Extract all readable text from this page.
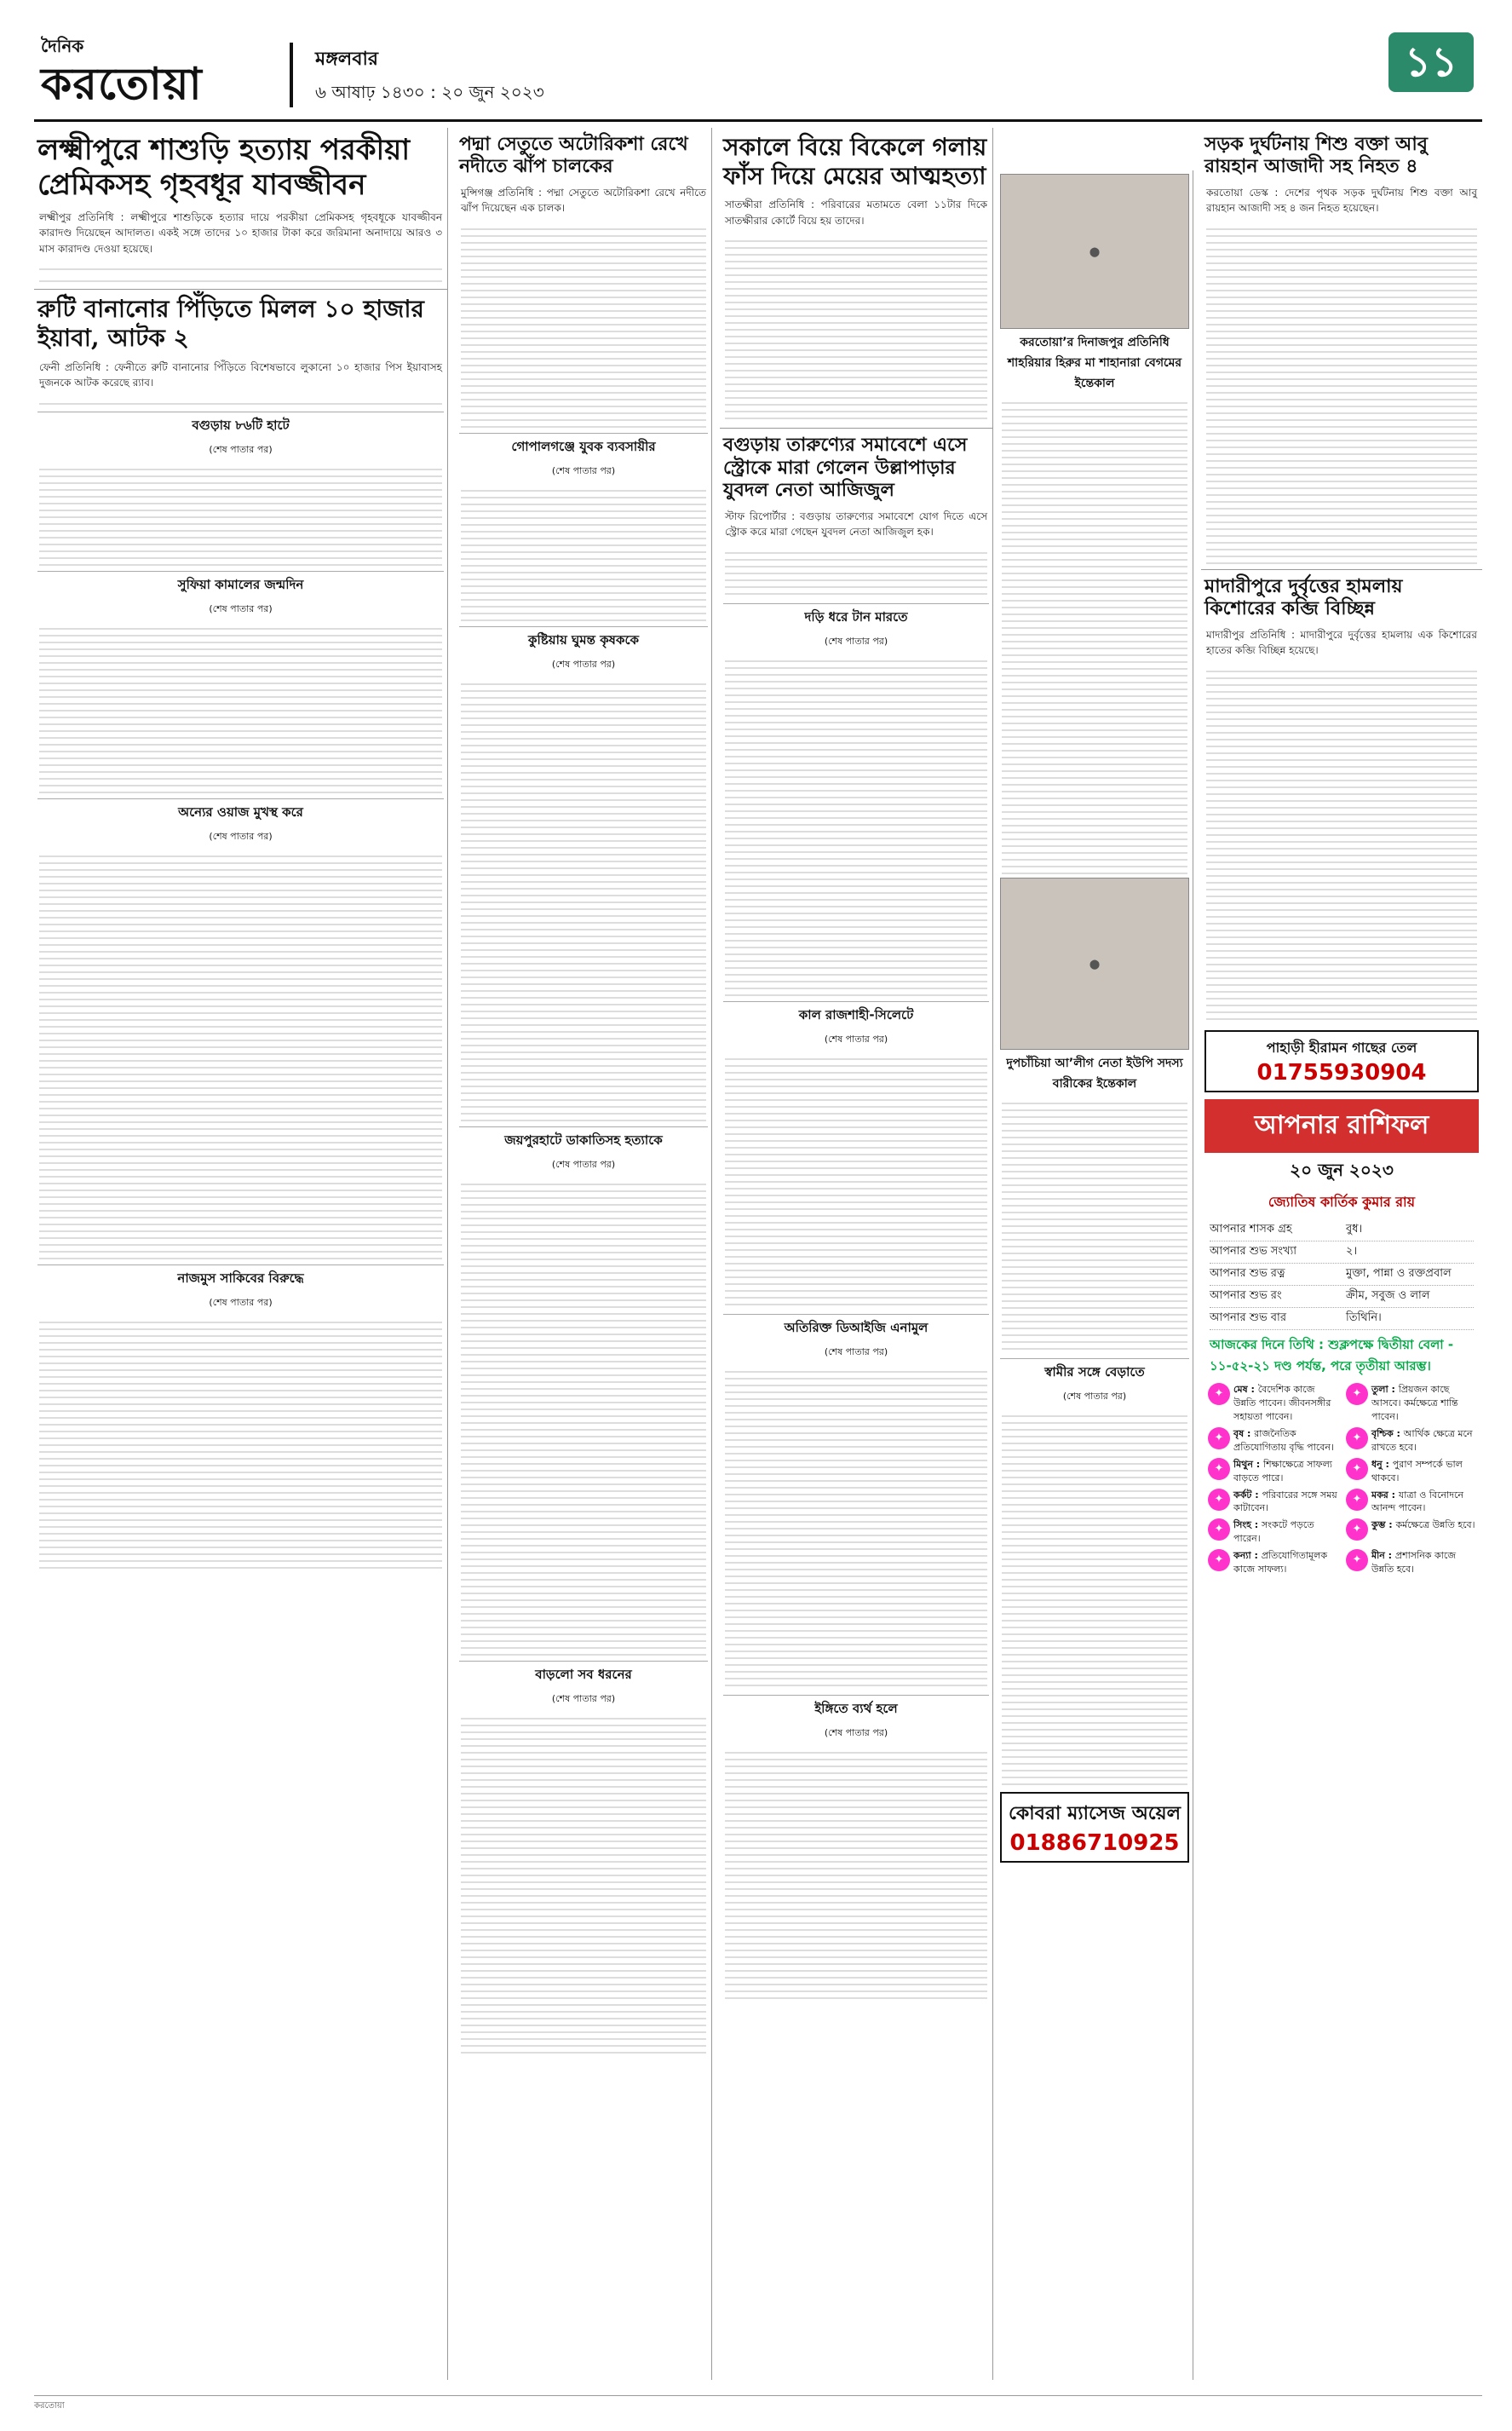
দৈনিক
করতোয়া	মঙ্গলবার
৬ আষাঢ় ১৪৩০ : ২০ জুন ২০২৩
১১
লক্ষ্মীপুরে শাশুড়ি হত্যায় পরকীয়া প্রেমিকসহ গৃহবধূর যাবজ্জীবন
লক্ষ্মীপুর প্রতিনিধি : লক্ষ্মীপুরে শাশুড়িকে হত্যার দায়ে পরকীয়া প্রেমিকসহ গৃহবধূকে যাবজ্জীবন কারাদণ্ড দিয়েছেন আদালত। একই সঙ্গে তাদের ১০ হাজার টাকা করে জরিমানা অনাদায়ে আরও ৩ মাস কারাদণ্ড দেওয়া হয়েছে।
রুটি বানানোর পিঁড়িতে মিলল ১০ হাজার ইয়াবা, আটক ২
ফেনী প্রতিনিধি : ফেনীতে রুটি বানানোর পিঁড়িতে বিশেষভাবে লুকানো ১০ হাজার পিস ইয়াবাসহ দুজনকে আটক করেছে র‍্যাব।
বগুড়ায় ৮৬টি হাটে
(শেষ পাতার পর)
সুফিয়া কামালের জন্মদিন
(শেষ পাতার পর)
অন্যের ওয়াজ মুখস্থ করে
(শেষ পাতার পর)
নাজমুস সাকিবের বিরুদ্ধে
(শেষ পাতার পর)
পদ্মা সেতুতে অটোরিকশা রেখে নদীতে ঝাঁপ চালকের
মুন্সিগঞ্জ প্রতিনিধি : পদ্মা সেতুতে অটোরিকশা রেখে নদীতে ঝাঁপ দিয়েছেন এক চালক।
গোপালগঞ্জে যুবক ব্যবসায়ীর
(শেষ পাতার পর)
কুষ্টিয়ায় ঘুমন্ত কৃষককে
(শেষ পাতার পর)
জয়পুরহাটে ডাকাতিসহ হত্যাকে
(শেষ পাতার পর)
বাড়লো সব ধরনের
(শেষ পাতার পর)
সকালে বিয়ে বিকেলে গলায় ফাঁস দিয়ে মেয়ের আত্মহত্যা
সাতক্ষীরা প্রতিনিধি : পরিবারের মতামতে বেলা ১১টার দিকে সাতক্ষীরার কোর্টে বিয়ে হয় তাদের।
বগুড়ায় তারুণ্যের সমাবেশে এসে স্ট্রোকে মারা গেলেন উল্লাপাড়ার যুবদল নেতা আজিজুল
স্টাফ রিপোর্টার : বগুড়ায় তারুণ্যের সমাবেশে যোগ দিতে এসে স্ট্রোক করে মারা গেছেন যুবদল নেতা আজিজুল হক।
দড়ি ধরে টান মারতে
(শেষ পাতার পর)
কাল রাজশাহী-সিলেটে
(শেষ পাতার পর)
অতিরিক্ত ডিআইজি এনামুল
(শেষ পাতার পর)
ইঙ্গিতে ব্যর্থ হলে
(শেষ পাতার পর)
⬤
করতোয়া’র দিনাজপুর প্রতিনিধি শাহরিয়ার হিরুর মা শাহানারা বেগমের ইন্তেকাল
⬤
দুপচাঁচিয়া আ’লীগ নেতা ইউপি সদস্য বারীকের ইন্তেকাল
স্বামীর সঙ্গে বেড়াতে
(শেষ পাতার পর)
কোবরা ম্যাসেজ অয়েল
01886710925
সড়ক দুর্ঘটনায় শিশু বক্তা আবু রায়হান আজাদী সহ নিহত ৪
করতোয়া ডেস্ক : দেশের পৃথক সড়ক দুর্ঘটনায় শিশু বক্তা আবু রায়হান আজাদী সহ ৪ জন নিহত হয়েছেন।
মাদারীপুরে দুর্বৃত্তের হামলায় কিশোরের কব্জি বিচ্ছিন্ন
মাদারীপুর প্রতিনিধি : মাদারীপুরে দুর্বৃত্তের হামলায় এক কিশোরের হাতের কব্জি বিচ্ছিন্ন হয়েছে।
পাহাড়ী হীরামন গাছের তেল
01755930904
আপনার রাশিফল
২০ জুন ২০২৩
জ্যোতিষ কার্তিক কুমার রায়
আপনার শাসক গ্রহ	বুধ।
আপনার শুভ সংখ্যা	২।
আপনার শুভ রত্ন	মুক্তা, পান্না ও রক্তপ্রবাল
আপনার শুভ রং	ক্রীম, সবুজ ও লাল
আপনার শুভ বার	তিথিনি।
আজকের দিনে তিথি : শুক্লপক্ষে দ্বিতীয়া বেলা - ১১-৫২-২১ দণ্ড পর্যন্ত, পরে তৃতীয়া আরম্ভ।
✦	মেষ : বৈদেশিক কাজে উন্নতি পাবেন। জীবনসঙ্গীর সহায়তা পাবেন।
✦	তুলা : প্রিয়জন কাছে আসবে। কর্মক্ষেত্রে শান্তি পাবেন।
✦	বৃষ : রাজনৈতিক প্রতিযোগিতায় বৃদ্ধি পাবেন।
✦	বৃশ্চিক : আর্থিক ক্ষেত্রে মনে রাখতে হবে।
✦	মিথুন : শিক্ষাক্ষেত্রে সাফল্য বাড়তে পারে।
✦	ধনু : পুরাণ সম্পর্কে ভাল থাকবে।
✦	কর্কট : পরিবারের সঙ্গে সময় কাটাবেন।
✦	মকর : যাত্রা ও বিনোদনে আনন্দ পাবেন।
✦	সিংহ : সংকটে পড়তে পারেন।
✦	কুম্ভ : কর্মক্ষেত্রে উন্নতি হবে।
✦	কন্যা : প্রতিযোগিতামূলক কাজে সাফল্য।
✦	মীন : প্রশাসনিক কাজে উন্নতি হবে।
করতোয়া
